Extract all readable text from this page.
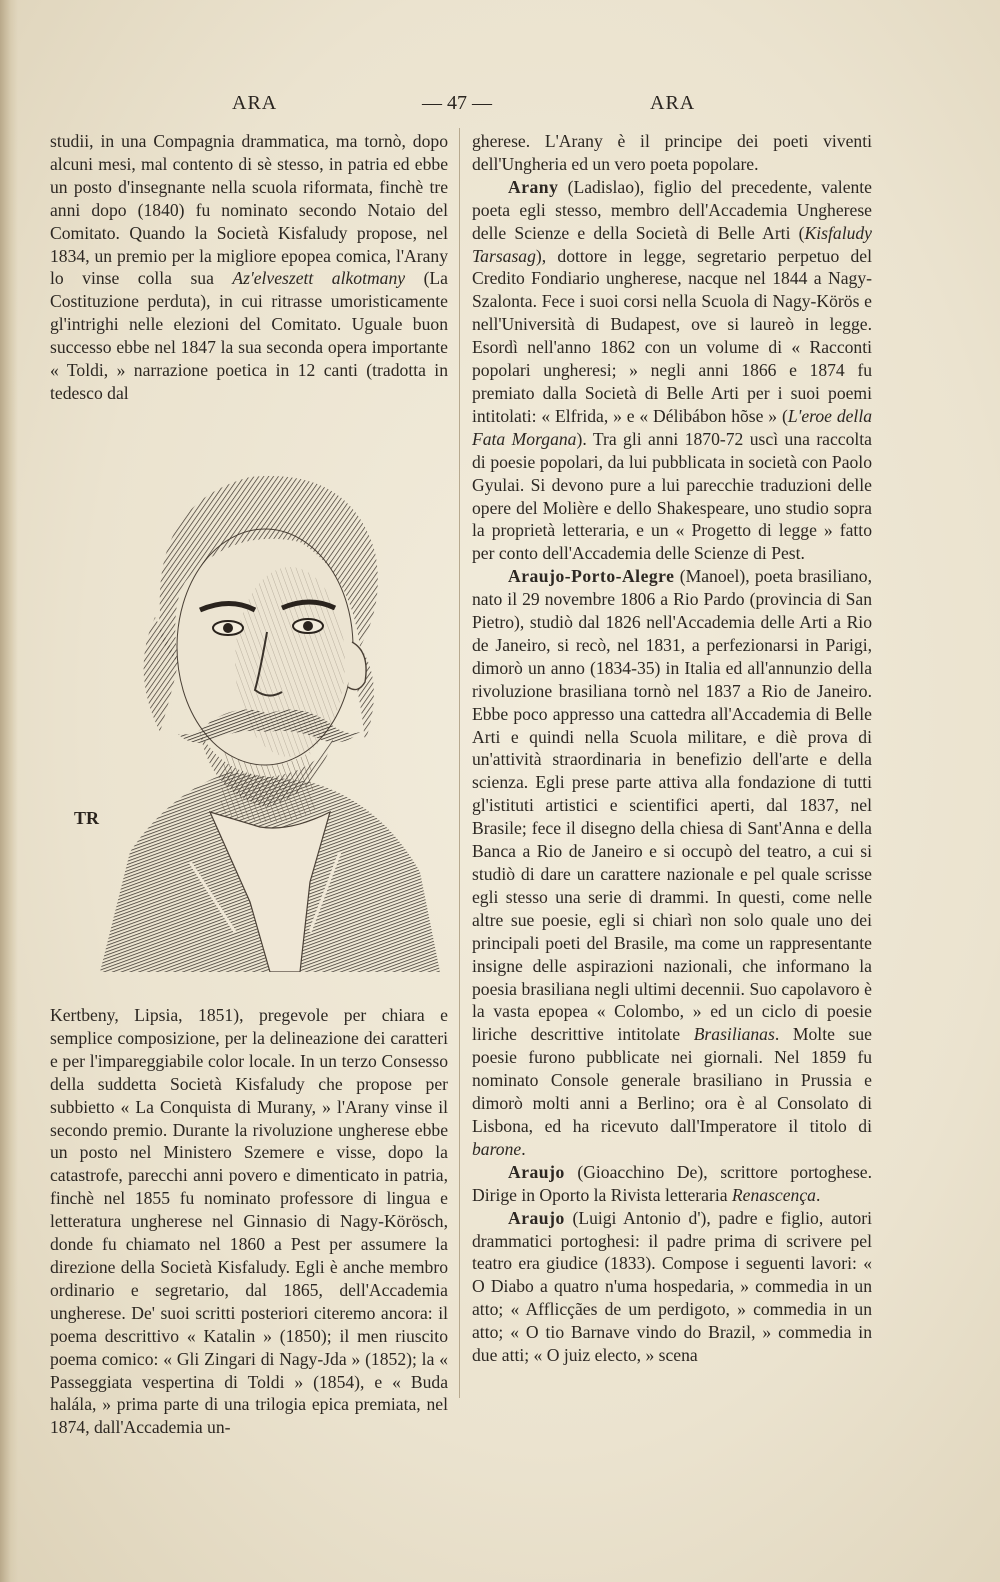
ARA	— 47 —	ARA

studii, in una Compagnia drammatica, ma tornò, dopo alcuni mesi, mal contento di sè stesso, in patria ed ebbe un posto d'insegnante nella scuola riformata, finchè tre anni dopo (1840) fu nominato secondo Notaio del Comitato. Quando la Società Kisfaludy propose, nel 1834, un premio per la migliore epopea comica, l'Arany lo vinse colla sua Az'elveszett alkotmany (La Costituzione perduta), in cui ritrasse umoristicamente gl'intrighi nelle elezioni del Comitato. Uguale buon successo ebbe nel 1847 la sua seconda opera importante « Toldi, » narrazione poetica in 12 canti (tradotta in tedesco dal

TR

Kertbeny, Lipsia, 1851), pregevole per chiara e semplice composizione, per la delineazione dei caratteri e per l'impareggiabile color locale. In un terzo Consesso della suddetta Società Kisfaludy che propose per subbietto « La Conquista di Murany, » l'Arany vinse il secondo premio. Durante la rivoluzione ungherese ebbe un posto nel Ministero Szemere e visse, dopo la catastrofe, parecchi anni povero e dimenticato in patria, finchè nel 1855 fu nominato professore di lingua e letteratura ungherese nel Ginnasio di Nagy-Körösch, donde fu chiamato nel 1860 a Pest per assumere la direzione della Società Kisfaludy. Egli è anche membro ordinario e segretario, dal 1865, dell'Accademia ungherese. De' suoi scritti posteriori citeremo ancora: il poema descrittivo « Katalin » (1850); il men riuscito poema comico: « Gli Zingari di Nagy-Jda » (1852); la « Passeggiata vespertina di Toldi » (1854), e « Buda halála, » prima parte di una trilogia epica premiata, nel 1874, dall'Accademia un-

gherese. L'Arany è il principe dei poeti viventi dell'Ungheria ed un vero poeta popolare.

Arany (Ladislao), figlio del precedente, valente poeta egli stesso, membro dell'Accademia Ungherese delle Scienze e della Società di Belle Arti (Kisfaludy Tarsasag), dottore in legge, segretario perpetuo del Credito Fondiario ungherese, nacque nel 1844 a Nagy-Szalonta. Fece i suoi corsi nella Scuola di Nagy-Körös e nell'Università di Budapest, ove si laureò in legge. Esordì nell'anno 1862 con un volume di « Racconti popolari ungheresi; » negli anni 1866 e 1874 fu premiato dalla Società di Belle Arti per i suoi poemi intitolati: « Elfrida, » e « Délibábon hõse » (L'eroe della Fata Morgana). Tra gli anni 1870-72 uscì una raccolta di poesie popolari, da lui pubblicata in società con Paolo Gyulai. Si devono pure a lui parecchie traduzioni delle opere del Molière e dello Shakespeare, uno studio sopra la proprietà letteraria, e un « Progetto di legge » fatto per conto dell'Accademia delle Scienze di Pest.

Araujo-Porto-Alegre (Manoel), poeta brasiliano, nato il 29 novembre 1806 a Rio Pardo (provincia di San Pietro), studiò dal 1826 nell'Accademia delle Arti a Rio de Janeiro, si recò, nel 1831, a perfezionarsi in Parigi, dimorò un anno (1834-35) in Italia ed all'annunzio della rivoluzione brasiliana tornò nel 1837 a Rio de Janeiro. Ebbe poco appresso una cattedra all'Accademia di Belle Arti e quindi nella Scuola militare, e diè prova di un'attività straordinaria in benefizio dell'arte e della scienza. Egli prese parte attiva alla fondazione di tutti gl'istituti artistici e scientifici aperti, dal 1837, nel Brasile; fece il disegno della chiesa di Sant'Anna e della Banca a Rio de Janeiro e si occupò del teatro, a cui si studiò di dare un carattere nazionale e pel quale scrisse egli stesso una serie di drammi. In questi, come nelle altre sue poesie, egli si chiarì non solo quale uno dei principali poeti del Brasile, ma come un rappresentante insigne delle aspirazioni nazionali, che informano la poesia brasiliana negli ultimi decennii. Suo capolavoro è la vasta epopea « Colombo, » ed un ciclo di poesie liriche descrittive intitolate Brasilianas. Molte sue poesie furono pubblicate nei giornali. Nel 1859 fu nominato Console generale brasiliano in Prussia e dimorò molti anni a Berlino; ora è al Consolato di Lisbona, ed ha ricevuto dall'Imperatore il titolo di barone.

Araujo (Gioacchino De), scrittore portoghese. Dirige in Oporto la Rivista letteraria Renascença.

Araujo (Luigi Antonio d'), padre e figlio, autori drammatici portoghesi: il padre prima di scrivere pel teatro era giudice (1833). Compose i seguenti lavori: « O Diabo a quatro n'uma hospedaria, » commedia in un atto; « Afflicçães de um perdigoto, » commedia in un atto; « O tio Barnave vindo do Brazil, » commedia in due atti; « O juiz electo, » scena
